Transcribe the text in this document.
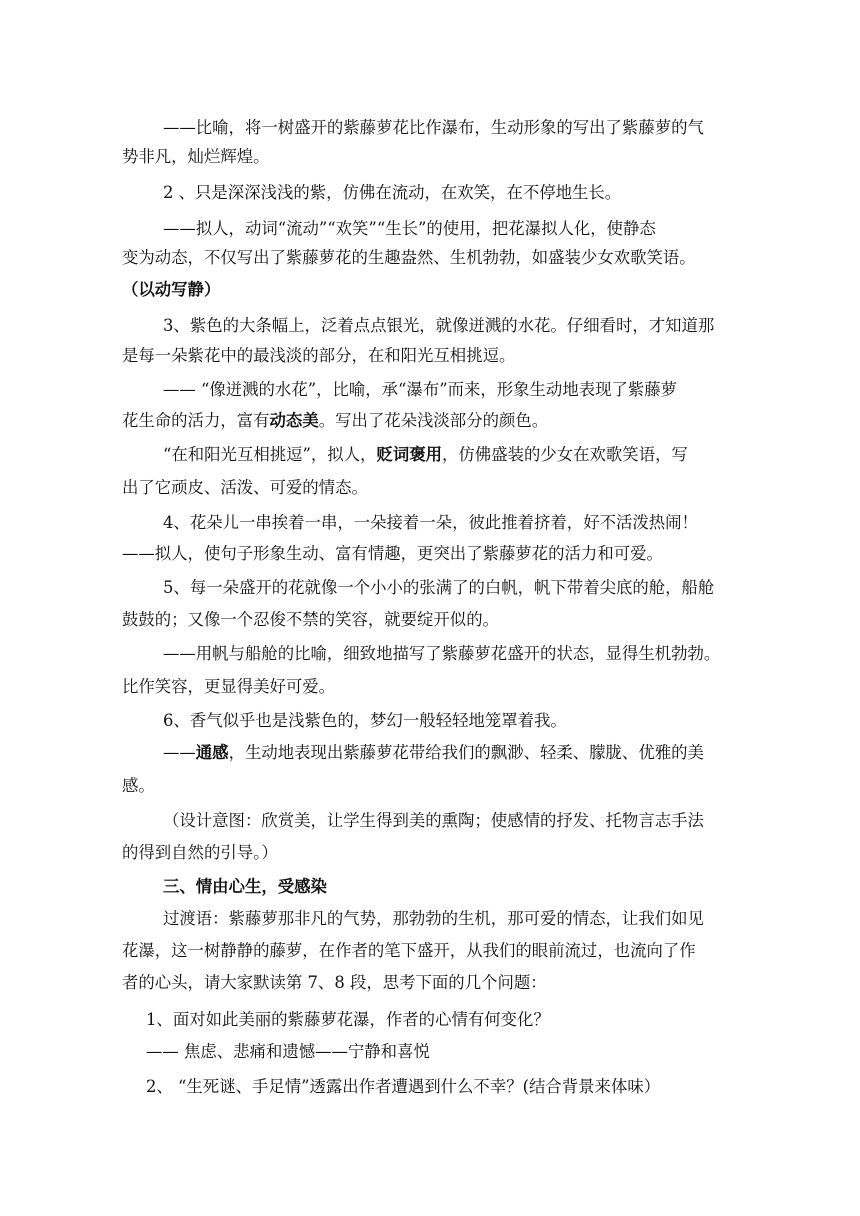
——比喻，将一树盛开的紫藤萝花比作瀑布，生动形象的写出了紫藤萝的气
势非凡，灿烂辉煌。
2 、只是深深浅浅的紫，仿佛在流动，在欢笑，在不停地生长。
——拟人，动词“流动”“欢笑”“生长”的使用，把花瀑拟人化，使静态
变为动态，不仅写出了紫藤萝花的生趣盎然、生机勃勃，如盛装少女欢歌笑语。
（以动写静）
3、紫色的大条幅上，泛着点点银光，就像迸溅的水花。仔细看时，才知道那
是每一朵紫花中的最浅淡的部分，在和阳光互相挑逗。
—— “像迸溅的水花”，比喻，承“瀑布”而来，形象生动地表现了紫藤萝
花生命的活力，富有动态美。写出了花朵浅淡部分的颜色。
“在和阳光互相挑逗”，拟人，贬词褒用，仿佛盛装的少女在欢歌笑语，写
出了它顽皮、活泼、可爱的情态。
4、花朵儿一串挨着一串，一朵接着一朵，彼此推着挤着，好不活泼热闹！
——拟人，使句子形象生动、富有情趣，更突出了紫藤萝花的活力和可爱。
5、每一朵盛开的花就像一个小小的张满了的白帆，帆下带着尖底的舱，船舱
鼓鼓的；又像一个忍俊不禁的笑容，就要绽开似的。
——用帆与船舱的比喻，细致地描写了紫藤萝花盛开的状态，显得生机勃勃。
比作笑容，更显得美好可爱。
6、香气似乎也是浅紫色的，梦幻一般轻轻地笼罩着我。
——通感，生动地表现出紫藤萝花带给我们的飘渺、轻柔、朦胧、优雅的美
感。
（设计意图：欣赏美，让学生得到美的熏陶；使感情的抒发、托物言志手法
的得到自然的引导。）
三、情由心生，受感染
过渡语：紫藤萝那非凡的气势，那勃勃的生机，那可爱的情态，让我们如见
花瀑，这一树静静的藤萝，在作者的笔下盛开，从我们的眼前流过，也流向了作
者的心头，请大家默读第 7、8 段，思考下面的几个问题：
1、面对如此美丽的紫藤萝花瀑，作者的心情有何变化？
—— 焦虑、悲痛和遗憾——宁静和喜悦
2、 “生死谜、手足情”透露出作者遭遇到什么不幸？(结合背景来体味）
